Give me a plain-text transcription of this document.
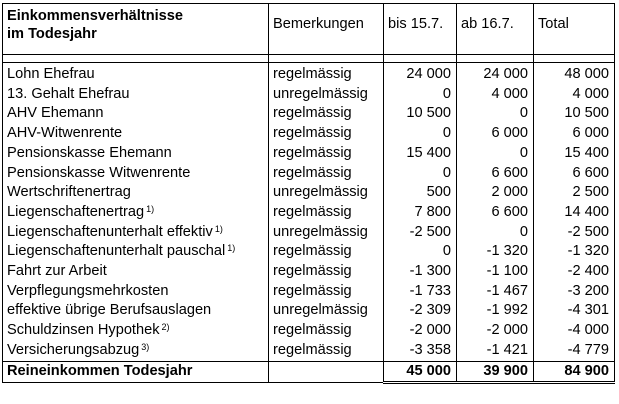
Einkommensverhältnisse
im Todesjahr	Bemerkungen	bis 15.7.	ab 16.7.	Total

Lohn Ehefrau	regelmässig	24 000	24 000	48 000
13. Gehalt Ehefrau	unregelmässig	0	4 000	4 000
AHV Ehemann	regelmässig	10 500	0	10 500
AHV-Witwenrente	regelmässig	0	6 000	6 000
Pensionskasse Ehemann	regelmässig	15 400	0	15 400
Pensionskasse Witwenrente	regelmässig	0	6 600	6 600
Wertschriftenertrag	unregelmässig	500	2 000	2 500
Liegenschaftenertrag $^{1)}$	regelmässig	7 800	6 600	14 400
Liegenschaftenunterhalt effektiv $^{1)}$	unregelmässig	-2 500	0	-2 500
Liegenschaftenunterhalt pauschal $^{1)}$	regelmässig	0	-1 320	-1 320
Fahrt zur Arbeit	regelmässig	-1 300	-1 100	-2 400
Verpflegungsmehrkosten	regelmässig	-1 733	-1 467	-3 200
effektive übrige Berufsauslagen	unregelmässig	-2 309	-1 992	-4 301
Schuldzinsen Hypothek $^{2)}$	regelmässig	-2 000	-2 000	-4 000
Versicherungsabzug $^{3)}$	regelmässig	-3 358	-1 421	-4 779
Reineinkommen Todesjahr		45 000	39 900	84 900
